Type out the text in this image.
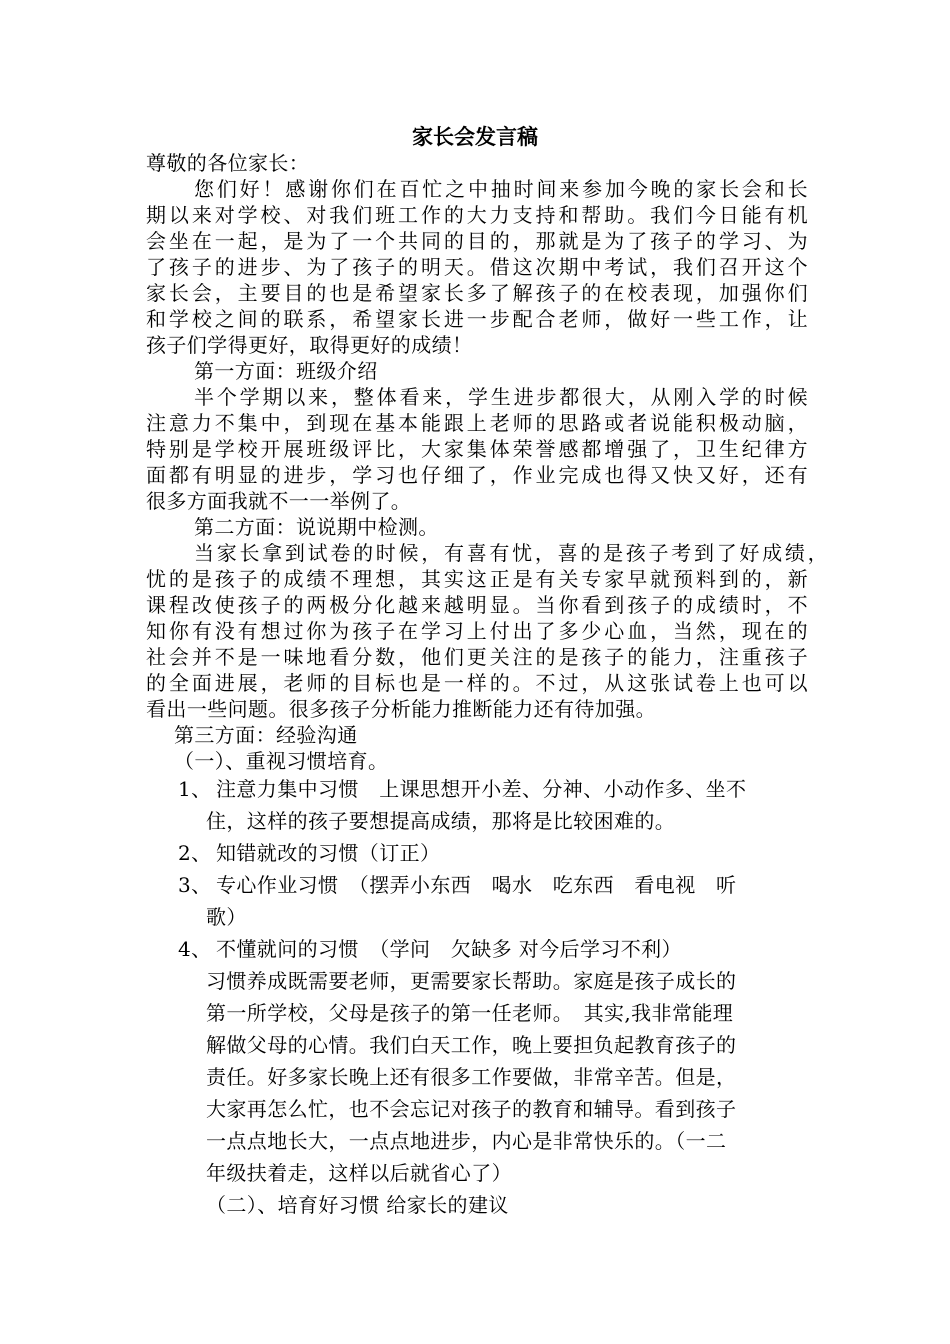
家长会发言稿
尊敬的各位家长：
您们好！感谢你们在百忙之中抽时间来参加今晚的家长会和长
期以来对学校、对我们班工作的大力支持和帮助。我们今日能有机
会坐在一起，是为了一个共同的目的，那就是为了孩子的学习、为
了孩子的进步、为了孩子的明天。借这次期中考试，我们召开这个
家长会，主要目的也是希望家长多了解孩子的在校表现，加强你们
和学校之间的联系，希望家长进一步配合老师，做好一些工作，让
孩子们学得更好，取得更好的成绩！
第一方面：班级介绍
半个学期以来，整体看来，学生进步都很大，从刚入学的时候
注意力不集中，到现在基本能跟上老师的思路或者说能积极动脑，
特别是学校开展班级评比，大家集体荣誉感都增强了，卫生纪律方
面都有明显的进步，学习也仔细了，作业完成也得又快又好，还有
很多方面我就不一一举例了。
第二方面：说说期中检测。
当家长拿到试卷的时候，有喜有忧，喜的是孩子考到了好成绩，
忧的是孩子的成绩不理想，其实这正是有关专家早就预料到的，新
课程改使孩子的两极分化越来越明显。当你看到孩子的成绩时，不
知你有没有想过你为孩子在学习上付出了多少心血，当然，现在的
社会并不是一味地看分数，他们更关注的是孩子的能力，注重孩子
的全面进展，老师的目标也是一样的。不过，从这张试卷上也可以
看出一些问题。很多孩子分析能力推断能力还有待加强。
第三方面：经验沟通
（一）、重视习惯培育。
1、 注意力集中习惯　上课思想开小差、分神、小动作多、坐不
住，这样的孩子要想提高成绩，那将是比较困难的。
2、 知错就改的习惯（订正）
3、 专心作业习惯　（摆弄小东西　喝水　吃东西　看电视　听
歌）
4、 不懂就问的习惯　（学问　欠缺多 对今后学习不利）
习惯养成既需要老师，更需要家长帮助。家庭是孩子成长的
第一所学校，父母是孩子的第一任老师。　其实,我非常能理
解做父母的心情。我们白天工作，晚上要担负起教育孩子的
责任。好多家长晚上还有很多工作要做，非常辛苦。但是，
大家再怎么忙，也不会忘记对孩子的教育和辅导。看到孩子
一点点地长大，一点点地进步，内心是非常快乐的。（一二
年级扶着走，这样以后就省心了）
（二）、培育好习惯 给家长的建议
